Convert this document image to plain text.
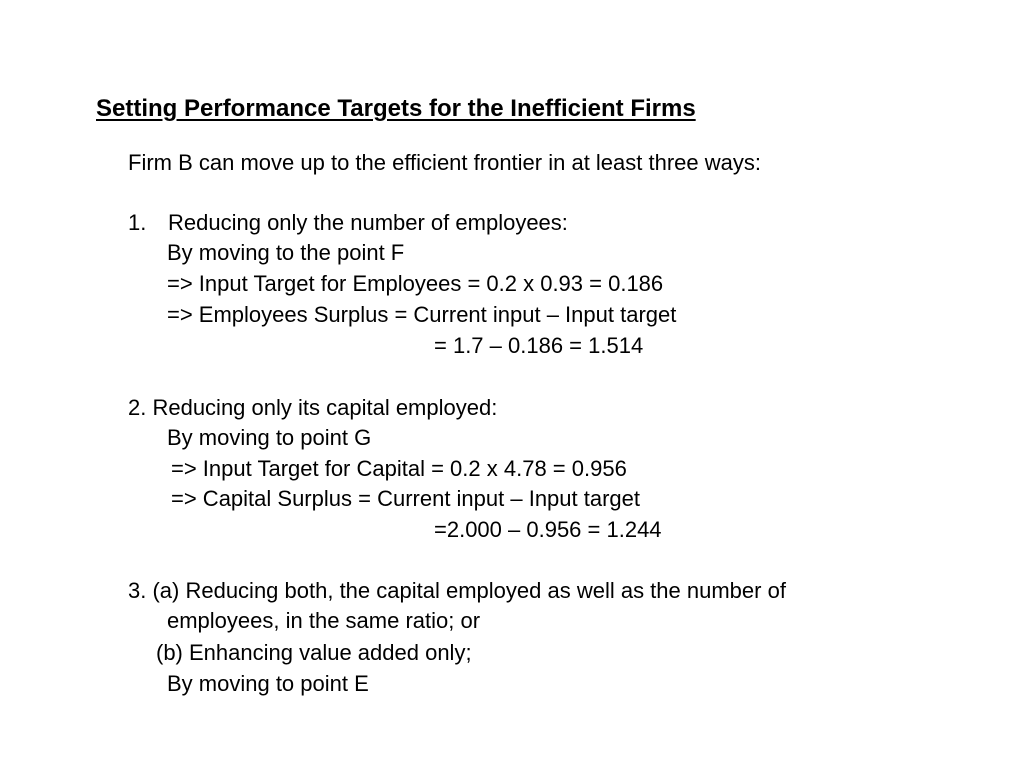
Setting Performance Targets for the Inefficient Firms

Firm B can move up to the efficient frontier in at least three ways:

1. Reducing only the number of employees:

By moving to the point F

=> Input Target for Employees = 0.2 x 0.93 = 0.186

=> Employees Surplus = Current input – Input target

= 1.7 – 0.186 = 1.514

2. Reducing only its capital employed:

By moving to point G

=> Input Target for Capital = 0.2 x 4.78 = 0.956

=> Capital Surplus = Current input – Input target

=2.000 – 0.956 = 1.244

3. (a) Reducing both, the capital employed as well as the number of

employees, in the same ratio; or

(b) Enhancing value added only;

By moving to point E
